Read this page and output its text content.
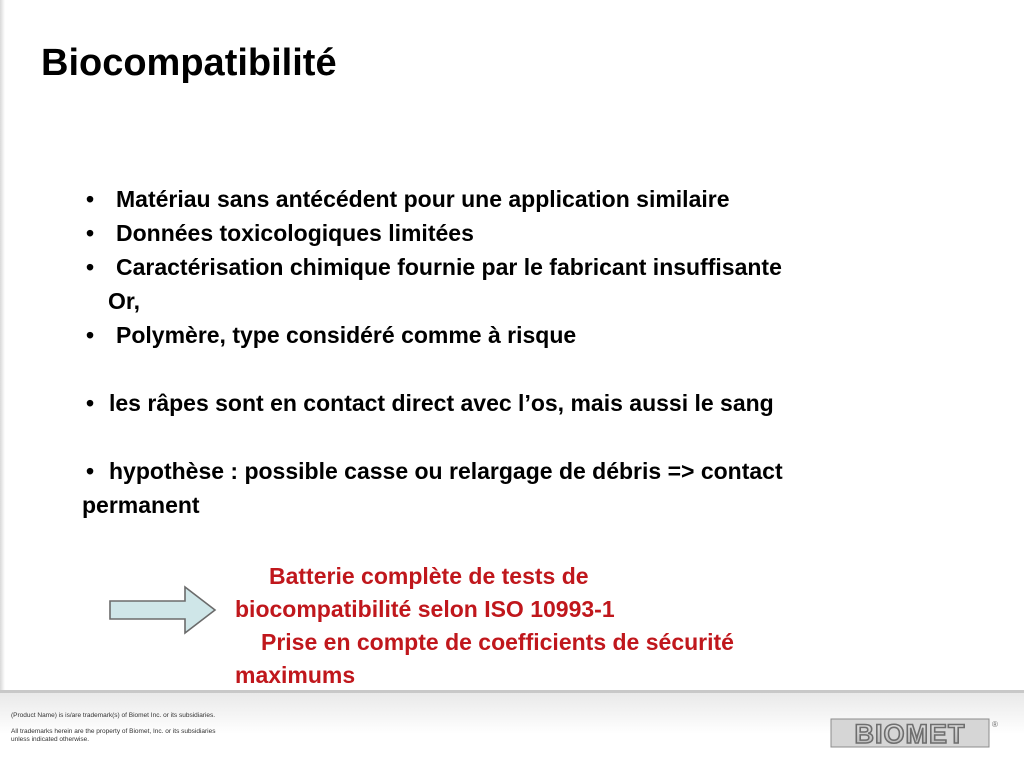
Biocompatibilité
• Matériau sans antécédent pour une application similaire
• Données toxicologiques limitées
• Caractérisation chimique fournie par le fabricant insuffisante
Or,
• Polymère, type considéré comme à risque
• les râpes sont en contact direct avec l’os, mais aussi le sang
• hypothèse : possible casse ou relargage de débris => contact
permanent
Batterie complète de tests de
biocompatibilité selon ISO 10993-1
Prise en compte de coefficients de sécurité
maximums
(Product Name) is is/are trademark(s) of Biomet Inc. or its subsidiaries.
All trademarks herein are the property of Biomet, Inc. or its subsidiaries
unless indicated otherwise.	BIOMET	®
